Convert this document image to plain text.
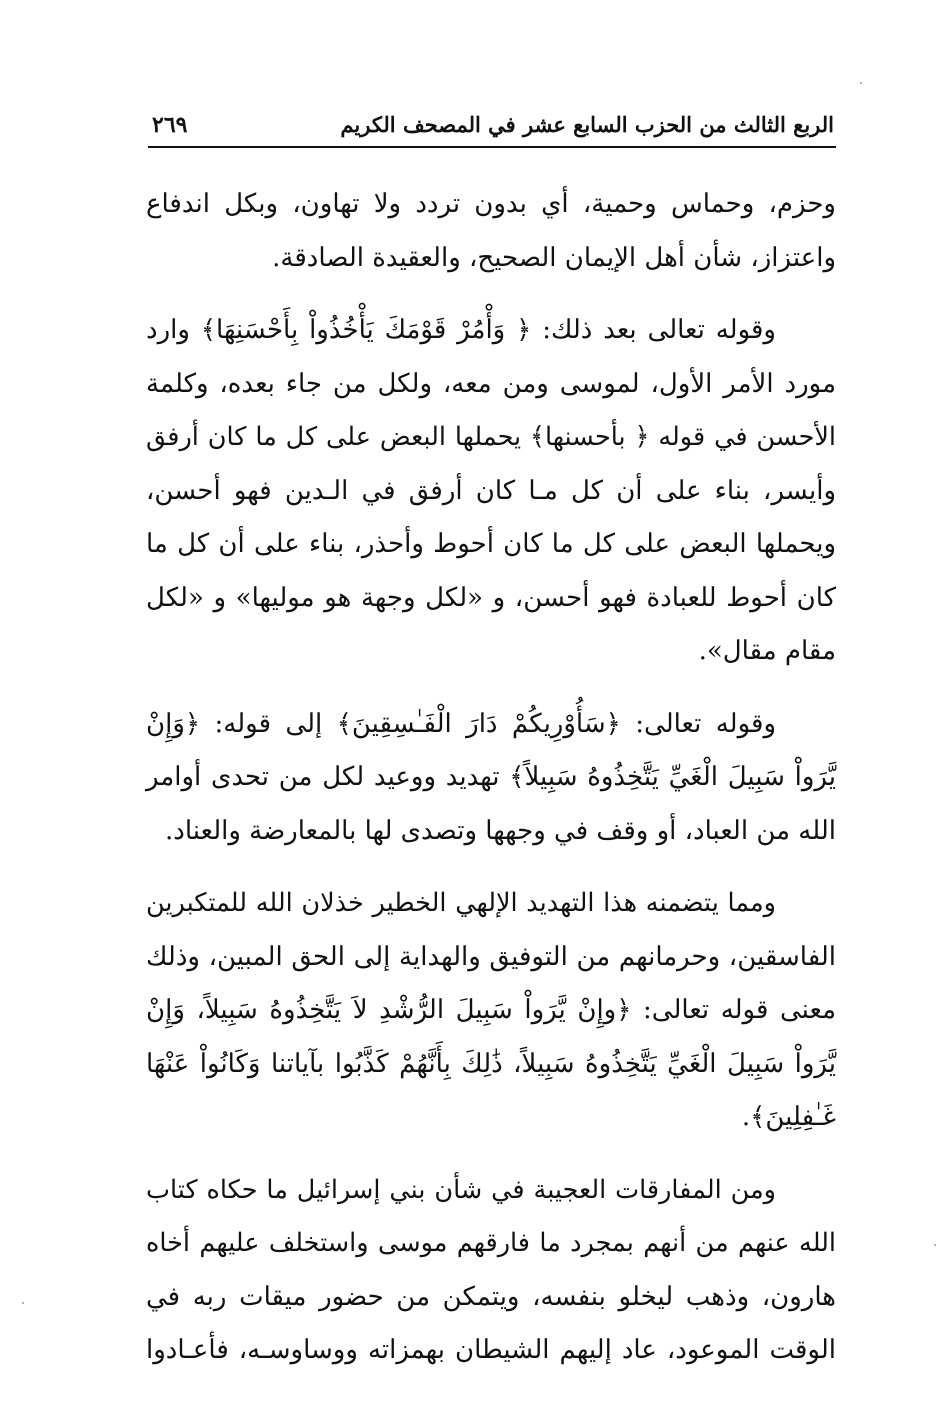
الربع الثالث من الحزب السابع عشر في المصحف الكريم
٢٦٩

وحزم، وحماس وحمية، أي بدون تردد ولا تهاون، وبكل اندفاع
واعتزاز، شأن أهل الإيمان الصحيح، والعقيدة الصادقة.

وقوله تعالى بعد ذلك: ﴿ وَأْمُرْ قَوْمَكَ يَأْخُذُواْ بِأَحْسَنِهَا﴾ وارد
مورد الأمر الأول، لموسى ومن معه، ولكل من جاء بعده، وكلمة
الأحسن في قوله ﴿ بأحسنها﴾ يحملها البعض على كل ما كان أرفق
وأيسر، بناء على أن كل مـا كان أرفق في الـدين فهو أحسن،
ويحملها البعض على كل ما كان أحوط وأحذر، بناء على أن كل ما
كان أحوط للعبادة فهو أحسن، و «لكل وجهة هو موليها» و «لكل
مقام مقال».

وقوله تعالى: ﴿سَأُوْرِيكُمْ دَارَ الْفَـٰسِقِينَ﴾ إلى قوله: ﴿وَإِنْ
يَّرَواْ سَبِيلَ الْغَيِّ يَتَّخِذُوهُ سَبِيلاً﴾ تهديد ووعيد لكل من تحدى أوامر
الله من العباد، أو وقف في وجهها وتصدى لها بالمعارضة والعناد.

ومما يتضمنه هذا التهديد الإلهي الخطير خذلان الله للمتكبرين
الفاسقين، وحرمانهم من التوفيق والهداية إلى الحق المبين، وذلك
معنى قوله تعالى: ﴿وإِنْ يَّرَواْ سَبِيلَ الرُّشْدِ لاَ يَتَّخِذُوهُ سَبِيلاً، وَإِنْ
يَّرَواْ سَبِيلَ الْغَيِّ يَتَّخِذُوهُ سَبِيلاً، ذَٰلِكَ بِأَنَّهُمْ كَذَّبُوا بآياتنا وَكَانُواْ عَنْهَا
غَـٰفِلِينَ﴾.

ومن المفارقات العجيبة في شأن بني إسرائيل ما حكاه كتاب
الله عنهم من أنهم بمجرد ما فارقهم موسى واستخلف عليهم أخاه
هارون، وذهب ليخلو بنفسه، ويتمكن من حضور ميقات ربه في
الوقت الموعود، عاد إليهم الشيطان بهمزاته ووساوسـه، فأعـادوا
